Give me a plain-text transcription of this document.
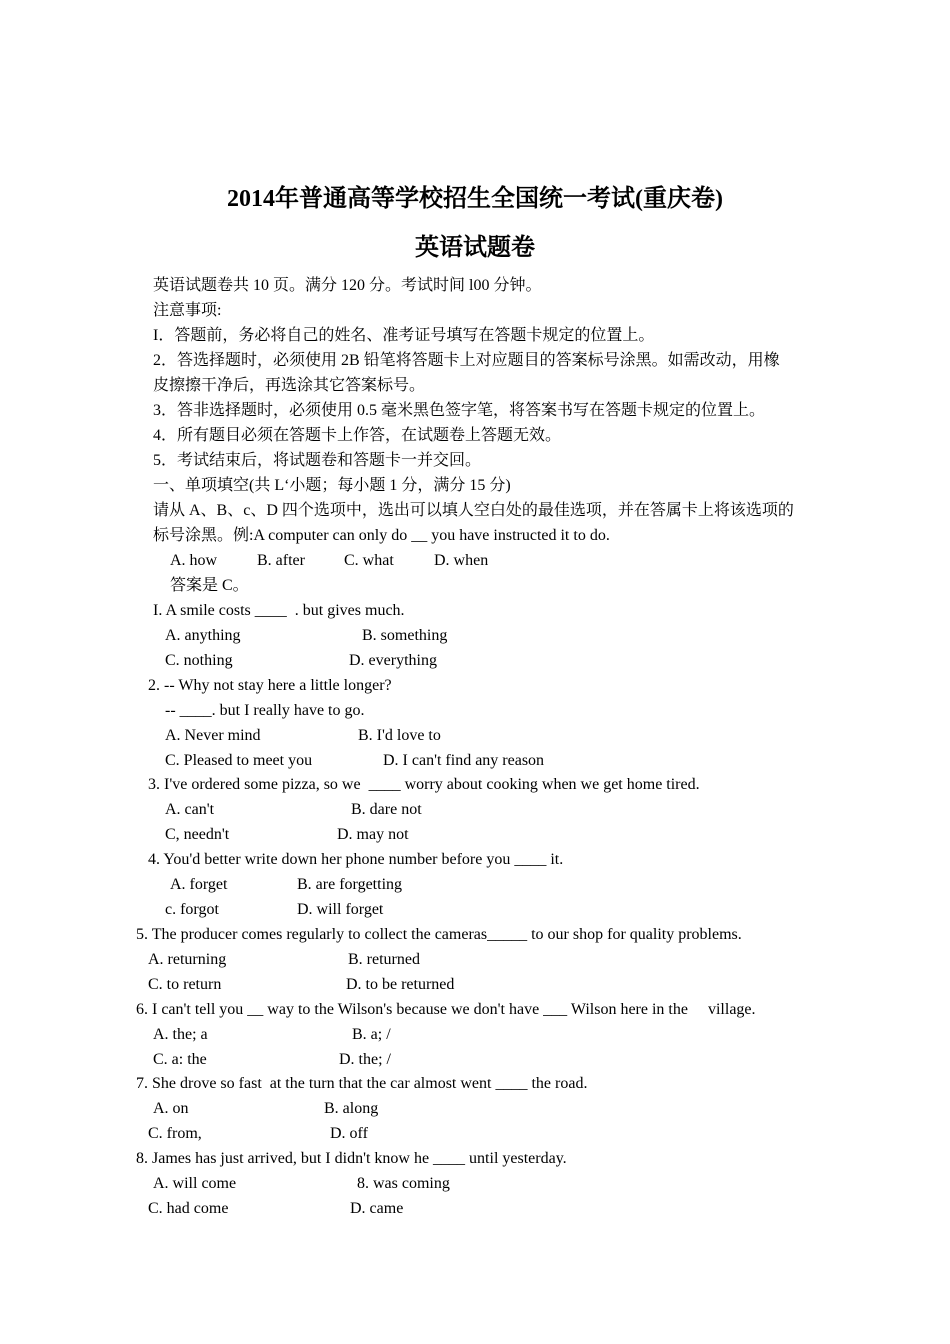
2014年普通高等学校招生全国统一考试(重庆卷)
英语试题卷
英语试题卷共 10 页。满分 120 分。考试时间 l00 分钟。
注意事项:
I．答题前，务必将自己的姓名、准考证号填写在答题卡规定的位置上。
2．答选择题时，必须使用 2B 铅笔将答题卡上对应题目的答案标号涂黑。如需改动，用橡
皮擦擦干净后，再选涂其它答案标号。
3．答非选择题时，必须使用 0.5 毫米黑色签字笔，将答案书写在答题卡规定的位置上。
4．所有题目必须在答题卡上作答，在试题卷上答题无效。
5．考试结束后，将试题卷和答题卡一并交回。
一、单项填空(共 L‘小题；每小题 1 分，满分 15 分)
请从 A、B、c、D 四个选项中，选出可以填人空白处的最佳选项，并在答属卡上将该选项的
标号涂黑。例:A computer can only do __ you have instructed it to do.
A. how B. after C. what	D. when
答案是 C。
I. A smile costs ____  . but gives much.
A. anything	B. something
C. nothing	D. everything
2. -- Why not stay here a little longer?
-- ____. but I really have to go.
A. Never mind	B. I'd love to
C. Pleased to meet you	D. I can't find any reason
3. I've ordered some pizza, so we  ____ worry about cooking when we get home tired.
A. can't	B. dare not
C, needn't	D. may not
4. You'd better write down her phone number before you ____ it.
A. forget	B. are forgetting
c. forgot	D. will forget
5. The producer comes regularly to collect the cameras_____ to our shop for quality problems.
A. returning	B. returned
C. to return	D. to be returned
6. I can't tell you __ way to the Wilson's because we don't have ___ Wilson here in the     village.
A. the; a	B. a; /
C. a: the	D. the; /
7. She drove so fast  at the turn that the car almost went ____ the road.
A. on	B. along
C. from,	D. off
8. James has just arrived, but I didn't know he ____ until yesterday.
A. will come	8. was coming
C. had come	D. came
